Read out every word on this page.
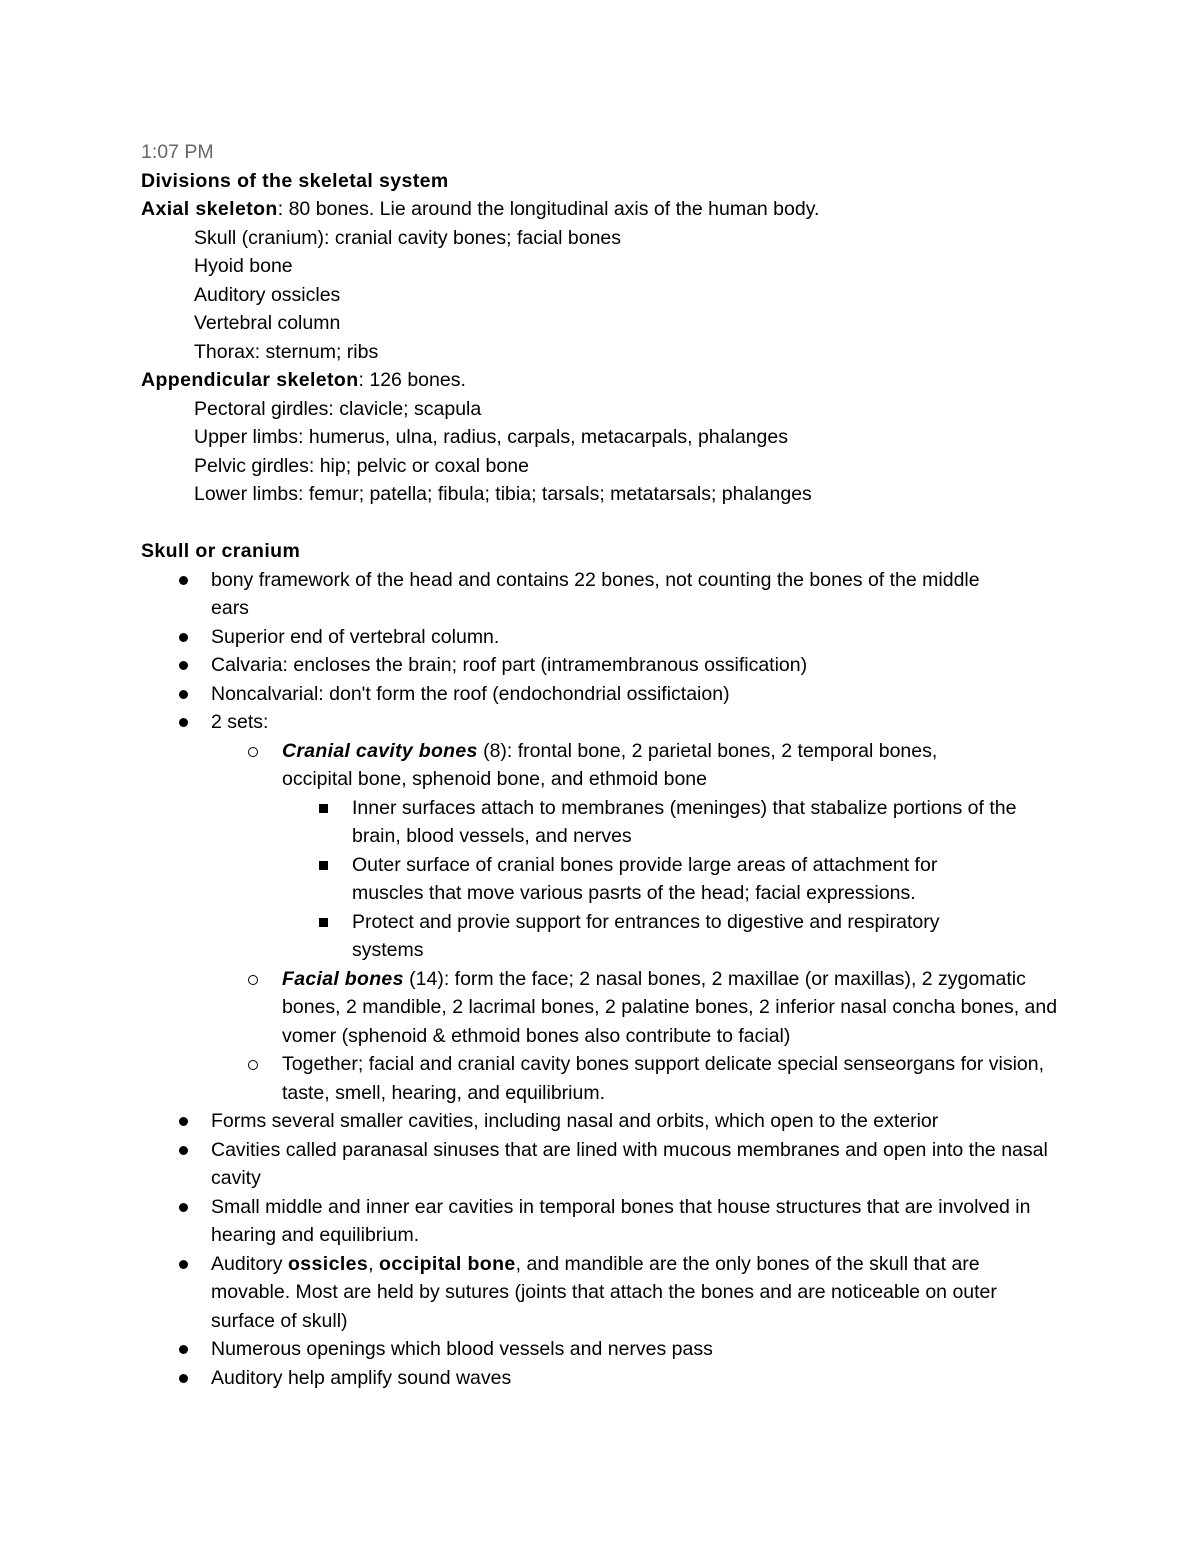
1:07 PM
Divisions of the skeletal system
Axial skeleton: 80 bones. Lie around the longitudinal axis of the human body.
Skull (cranium): cranial cavity bones; facial bones
Hyoid bone
Auditory ossicles
Vertebral column
Thorax: sternum; ribs
Appendicular skeleton: 126 bones.
Pectoral girdles: clavicle; scapula
Upper limbs: humerus, ulna, radius, carpals, metacarpals, phalanges
Pelvic girdles: hip; pelvic or coxal bone
Lower limbs: femur; patella; fibula; tibia; tarsals; metatarsals; phalanges
Skull or cranium
bony framework of the head and contains 22 bones, not counting the bones of the middle ears
Superior end of vertebral column.
Calvaria: encloses the brain; roof part (intramembranous ossification)
Noncalvarial: don't form the roof (endochondrial ossifictaion)
2 sets:
Cranial cavity bones (8): frontal bone, 2 parietal bones, 2 temporal bones, occipital bone, sphenoid bone, and ethmoid bone
Inner surfaces attach to membranes (meninges) that stabalize portions of the brain, blood vessels, and nerves
Outer surface of cranial bones provide large areas of attachment for muscles that move various pasrts of the head; facial expressions.
Protect and provie support for entrances to digestive and respiratory systems
Facial bones (14): form the face; 2 nasal bones, 2 maxillae (or maxillas), 2 zygomatic bones, 2 mandible, 2 lacrimal bones, 2 palatine bones, 2 inferior nasal concha bones, and vomer (sphenoid & ethmoid bones also contribute to facial)
Together; facial and cranial cavity bones support delicate special senseorgans for vision, taste, smell, hearing, and equilibrium.
Forms several smaller cavities, including nasal and orbits, which open to the exterior
Cavities called paranasal sinuses that are lined with mucous membranes and open into the nasal cavity
Small middle and inner ear cavities in temporal bones that house structures that are involved in hearing and equilibrium.
Auditory ossicles, occipital bone, and mandible are the only bones of the skull that are movable. Most are held by sutures (joints that attach the bones and are noticeable on outer surface of skull)
Numerous openings which blood vessels and nerves pass
Auditory help amplify sound waves
